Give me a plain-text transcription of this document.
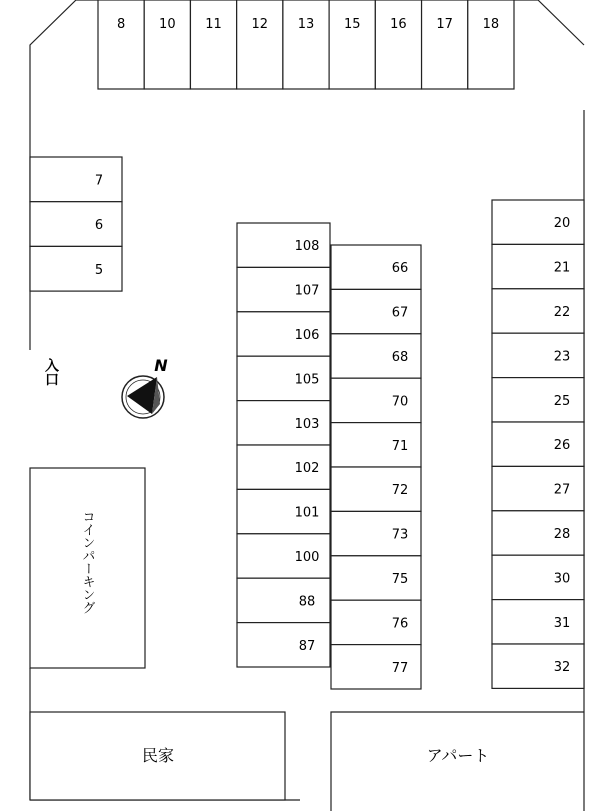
8	10 11 12 13 15 16 17 18
7
6
5
108
107
106
105
103
102
101
100
88
87
66
67
68
70
71
72
73
75
76
77
20
21
22
23
25
26
27
28
30
31
32
入口	N
コインパーキング
民家	アパート
